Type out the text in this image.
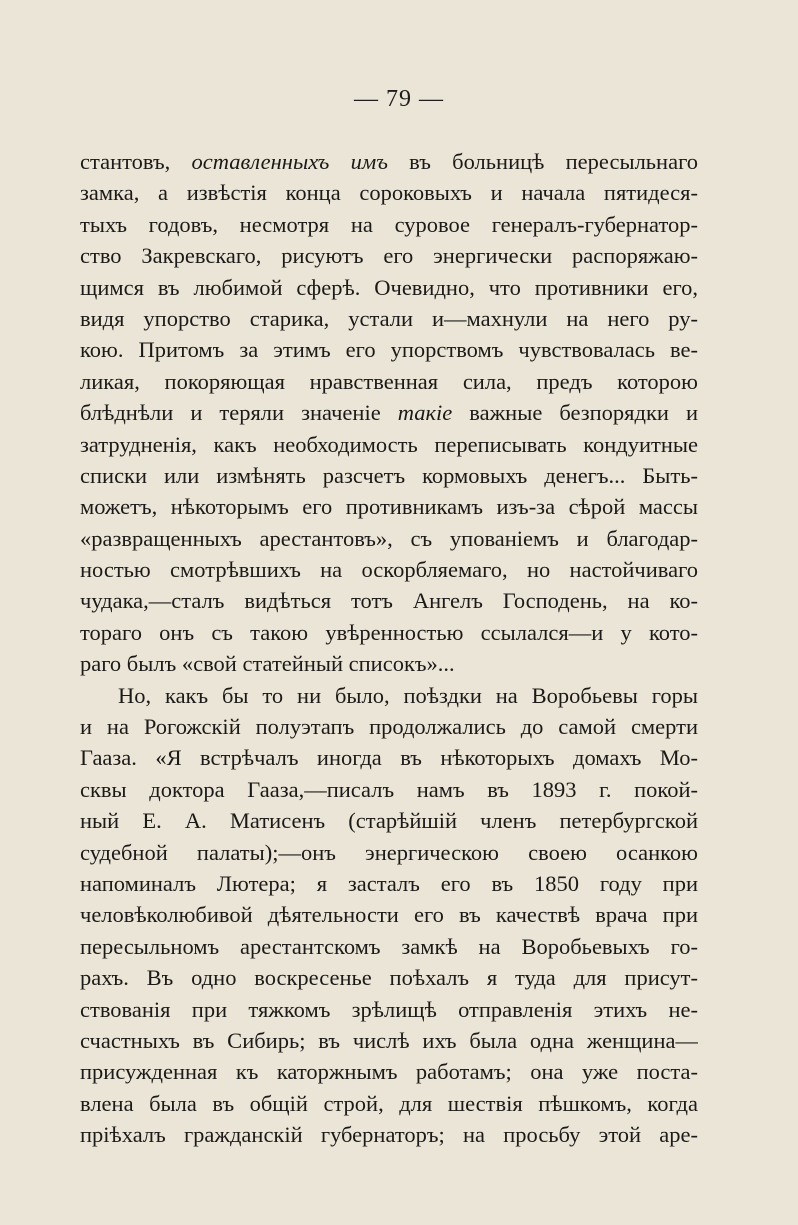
— 79 —
стантовъ, оставленныхъ имъ въ больницѣ пересыльнаго
замка, а извѣстія конца сороковыхъ и начала пятидеся-
тыхъ годовъ, несмотря на суровое генералъ-губернатор-
ство Закревскаго, рисуютъ его энергически распоряжаю-
щимся въ любимой сферѣ. Очевидно, что противники его,
видя упорство старика, устали и—махнули на него ру-
кою. Притомъ за этимъ его упорствомъ чувствовалась ве-
ликая, покоряющая нравственная сила, предъ которою
блѣднѣли и теряли значеніе такіе важные безпорядки и
затрудненія, какъ необходимость переписывать кондуитные
списки или измѣнять разсчетъ кормовыхъ денегъ... Быть-
можетъ, нѣкоторымъ его противникамъ изъ-за сѣрой массы
«развращенныхъ арестантовъ», съ упованіемъ и благодар-
ностью смотрѣвшихъ на оскорбляемаго, но настойчиваго
чудака,—сталъ видѣться тотъ Ангелъ Господень, на ко-
тораго онъ съ такою увѣренностью ссылался—и у кото-
раго былъ «свой статейный списокъ»...
Но, какъ бы то ни было, поѣздки на Воробьевы горы
и на Рогожскій полуэтапъ продолжались до самой смерти
Гааза. «Я встрѣчалъ иногда въ нѣкоторыхъ домахъ Мо-
сквы доктора Гааза,—писалъ намъ въ 1893 г. покой-
ный Е. А. Матисенъ (старѣйшій членъ петербургской
судебной палаты);—онъ энергическою своею осанкою
напоминалъ Лютера; я засталъ его въ 1850 году при
человѣколюбивой дѣятельности его въ качествѣ врача при
пересыльномъ арестантскомъ замкѣ на Воробьевыхъ го-
рахъ. Въ одно воскресенье поѣхалъ я туда для присут-
ствованія при тяжкомъ зрѣлищѣ отправленія этихъ не-
счастныхъ въ Сибирь; въ числѣ ихъ была одна женщина—
присужденная къ каторжнымъ работамъ; она уже поста-
влена была въ общій строй, для шествія пѣшкомъ, когда
пріѣхалъ гражданскій губернаторъ; на просьбу этой аре-
